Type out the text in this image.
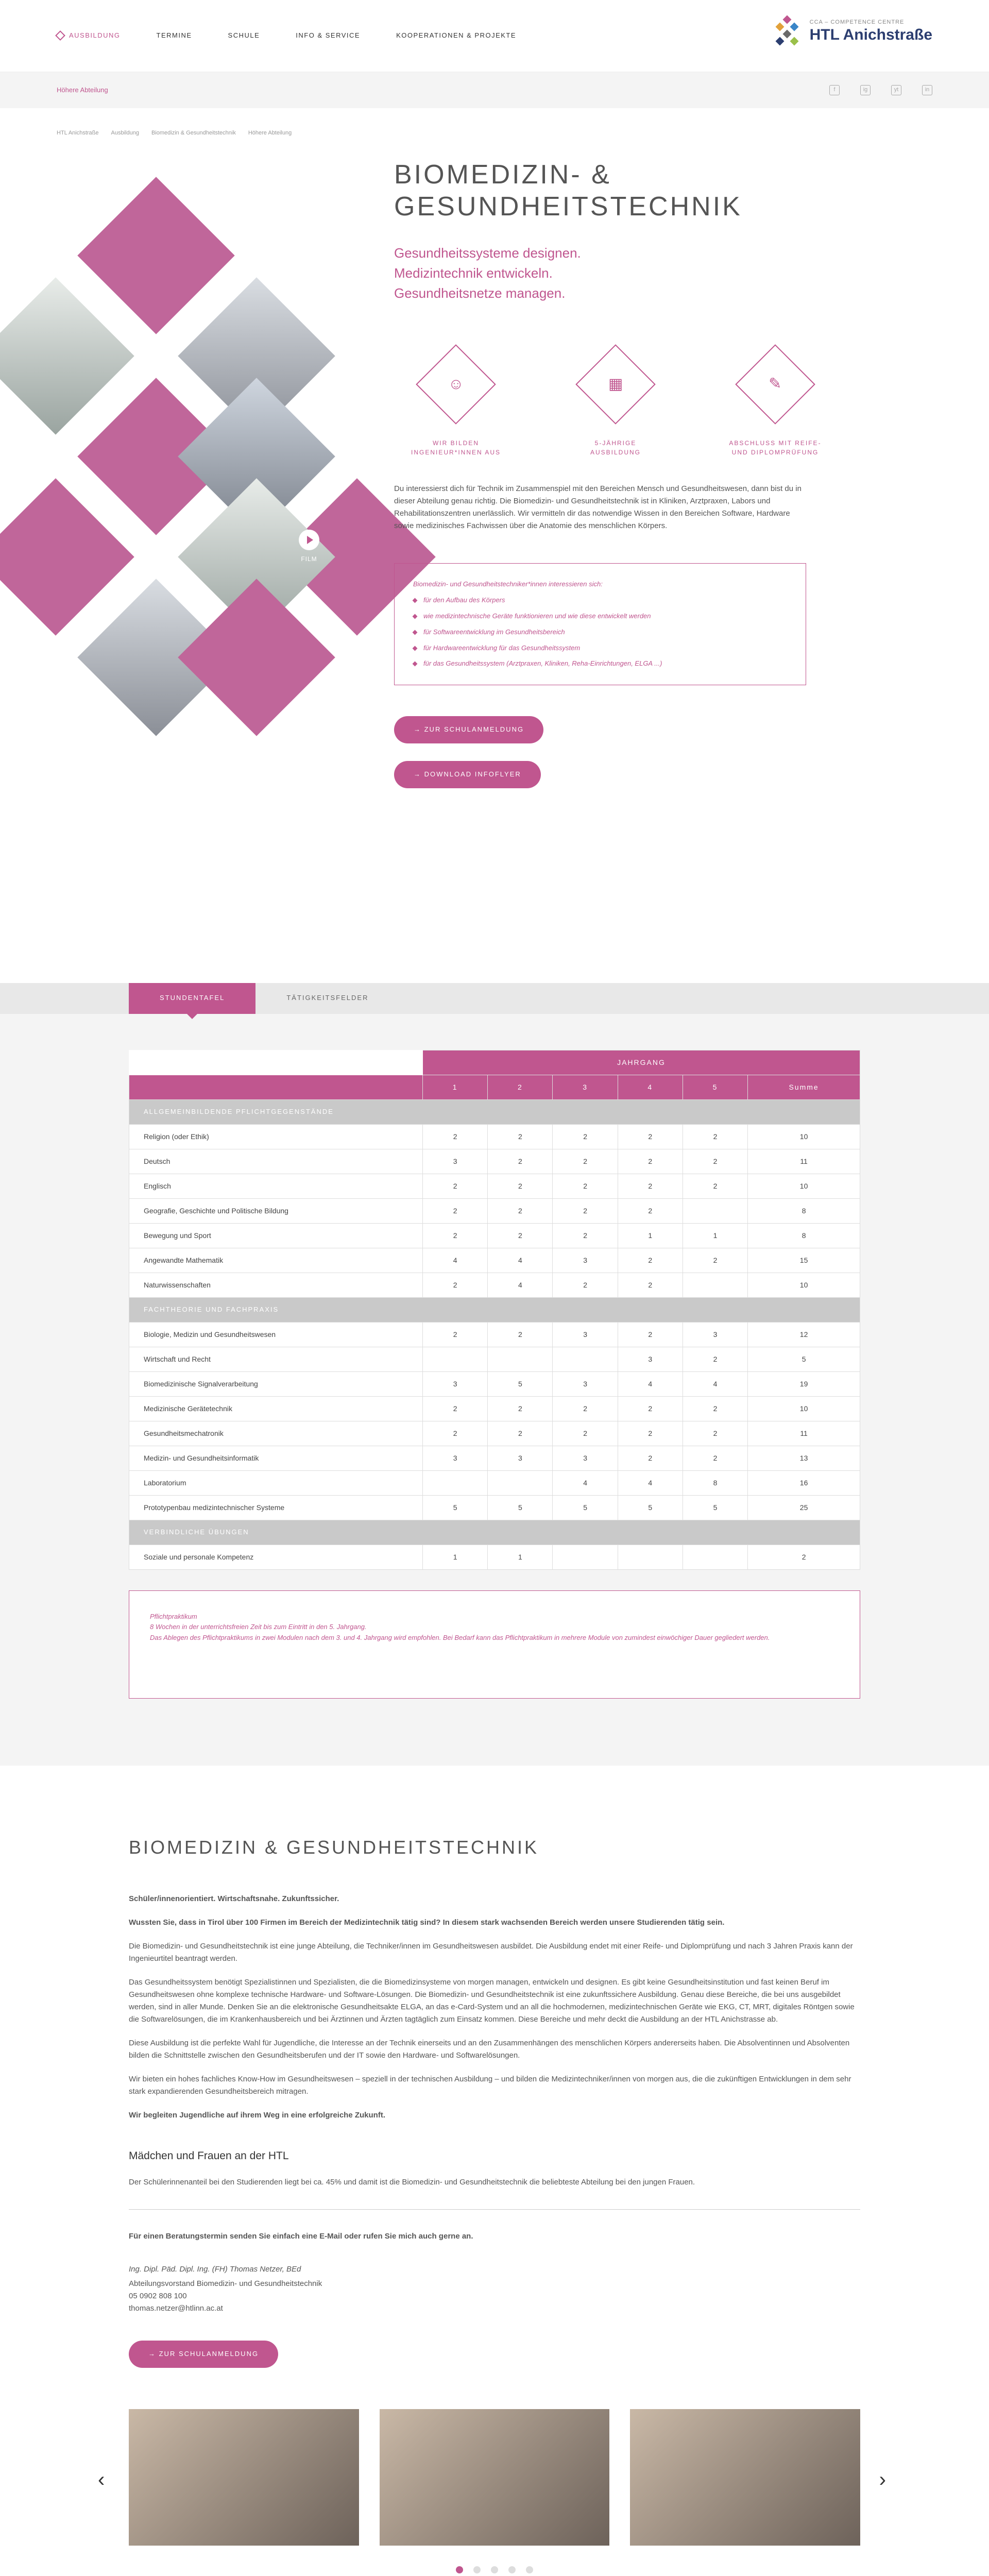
AUSBILDUNG	TERMINE	SCHULE	INFO & SERVICE	KOOPERATIONEN & PROJEKTE
CCA – COMPETENCE CENTRE
HTL Anichstraße
Höhere Abteilung	f	ig	yt	in
HTL Anichstraße Ausbildung Biomedizin & Gesundheitstechnik Höhere Abteilung
FILM
BIOMEDIZIN- &
GESUNDHEITSTECHNIK
Gesundheitssysteme designen.
Medizintechnik entwickeln.
Gesundheitsnetze managen.
☺

WIR BILDEN
INGENIEUR*INNEN AUS

▦

5-JÄHRIGE
AUSBILDUNG

✎

ABSCHLUSS MIT REIFE-
UND DIPLOMPRÜFUNG

Du interessierst dich für Technik im Zusammenspiel mit den Bereichen Mensch und Gesundheitswesen, dann bist du in dieser Abteilung genau richtig. Die Biomedizin- und Gesundheitstechnik ist in Kliniken, Arztpraxen, Labors und Rehabilitationszentren unerlässlich. Wir vermitteln dir das notwendige Wissen in den Bereichen Software, Hardware sowie medizinisches Fachwissen über die Anatomie des menschlichen Körpers.

Biomedizin- und Gesundheitstechniker*innen interessieren sich:

für den Aufbau des Körpers
wie medizintechnische Geräte funktionieren und wie diese entwickelt werden
für Softwareentwicklung im Gesundheitsbereich
für Hardwareentwicklung für das Gesundheitssystem
für das Gesundheitssystem (Arztpraxen, Kliniken, Reha-Einrichtungen, ELGA ...)
→ ZUR SCHULANMELDUNG
→ DOWNLOAD INFOFLYER
STUNDENTAFEL	TÄTIGKEITSFELDER
	JAHRGANG					
	1	2	3	4	5	Summe
ALLGEMEINBILDENDE PFLICHTGEGENSTÄNDE						
Religion (oder Ethik)	2	2	2	2	2	10
Deutsch	3	2	2	2	2	11
Englisch	2	2	2	2	2	10
Geografie, Geschichte und Politische Bildung	2	2	2	2		8
Bewegung und Sport	2	2	2	1	1	8
Angewandte Mathematik	4	4	3	2	2	15
Naturwissenschaften	2	4	2	2		10
FACHTHEORIE UND FACHPRAXIS						
Biologie, Medizin und Gesundheitswesen	2	2	3	2	3	12
Wirtschaft und Recht				3	2	5
Biomedizinische Signalverarbeitung	3	5	3	4	4	19
Medizinische Gerätetechnik	2	2	2	2	2	10
Gesundheitsmechatronik	2	2	2	2	2	11
Medizin- und Gesundheitsinformatik	3	3	3	2	2	13
Laboratorium			4	4	8	16
Prototypenbau medizintechnischer Systeme	5	5	5	5	5	25
VERBINDLICHE ÜBUNGEN						
Soziale und personale Kompetenz	1	1				2

Pflichtpraktikum

8 Wochen in der unterrichtsfreien Zeit bis zum Eintritt in den 5. Jahrgang.

Das Ablegen des Pflichtpraktikums in zwei Modulen nach dem 3. und 4. Jahrgang wird empfohlen. Bei Bedarf kann das Pflichtpraktikum in mehrere Module von zumindest einwöchiger Dauer gegliedert werden.

BIOMEDIZIN & GESUNDHEITSTECHNIK

Schüler/innenorientiert. Wirtschaftsnahe. Zukunftssicher.

Wussten Sie, dass in Tirol über 100 Firmen im Bereich der Medizintechnik tätig sind? In diesem stark wachsenden Bereich werden unsere Studierenden tätig sein.

Die Biomedizin- und Gesundheitstechnik ist eine junge Abteilung, die Techniker/innen im Gesundheitswesen ausbildet. Die Ausbildung endet mit einer Reife- und Diplomprüfung und nach 3 Jahren Praxis kann der Ingenieurtitel beantragt werden.

Das Gesundheitssystem benötigt Spezialistinnen und Spezialisten, die die Biomedizinsysteme von morgen managen, entwickeln und designen. Es gibt keine Gesundheitsinstitution und fast keinen Beruf im Gesundheitswesen ohne komplexe technische Hardware- und Software-Lösungen. Die Biomedizin- und Gesundheitstechnik ist eine zukunftssichere Ausbildung. Genau diese Bereiche, die bei uns ausgebildet werden, sind in aller Munde. Denken Sie an die elektronische Gesundheitsakte ELGA, an das e-Card-System und an all die hochmodernen, medizintechnischen Geräte wie EKG, CT, MRT, digitales Röntgen sowie die Softwarelösungen, die im Krankenhausbereich und bei Ärztinnen und Ärzten tagtäglich zum Einsatz kommen. Diese Bereiche und mehr deckt die Ausbildung an der HTL Anichstrasse ab.

Diese Ausbildung ist die perfekte Wahl für Jugendliche, die Interesse an der Technik einerseits und an den Zusammenhängen des menschlichen Körpers andererseits haben. Die Absolventinnen und Absolventen bilden die Schnittstelle zwischen den Gesundheitsberufen und der IT sowie den Hardware- und Softwarelösungen.

Wir bieten ein hohes fachliches Know-How im Gesundheitswesen – speziell in der technischen Ausbildung – und bilden die Medizintechniker/innen von morgen aus, die die zukünftigen Entwicklungen in dem sehr stark expandierenden Gesundheitsbereich mitragen.

Wir begleiten Jugendliche auf ihrem Weg in eine erfolgreiche Zukunft.

Mädchen und Frauen an der HTL

Der Schülerinnenanteil bei den Studierenden liegt bei ca. 45% und damit ist die Biomedizin- und Gesundheitstechnik die beliebteste Abteilung bei den jungen Frauen.

Für einen Beratungstermin senden Sie einfach eine E-Mail oder rufen Sie mich auch gerne an.

Ing. Dipl. Päd. Dipl. Ing. (FH) Thomas Netzer, BEd

Abteilungsvorstand Biomedizin- und Gesundheitstechnik

05 0902 808 100

thomas.netzer@htlinn.ac.at

→ ZUR SCHULANMELDUNG
‹	›
